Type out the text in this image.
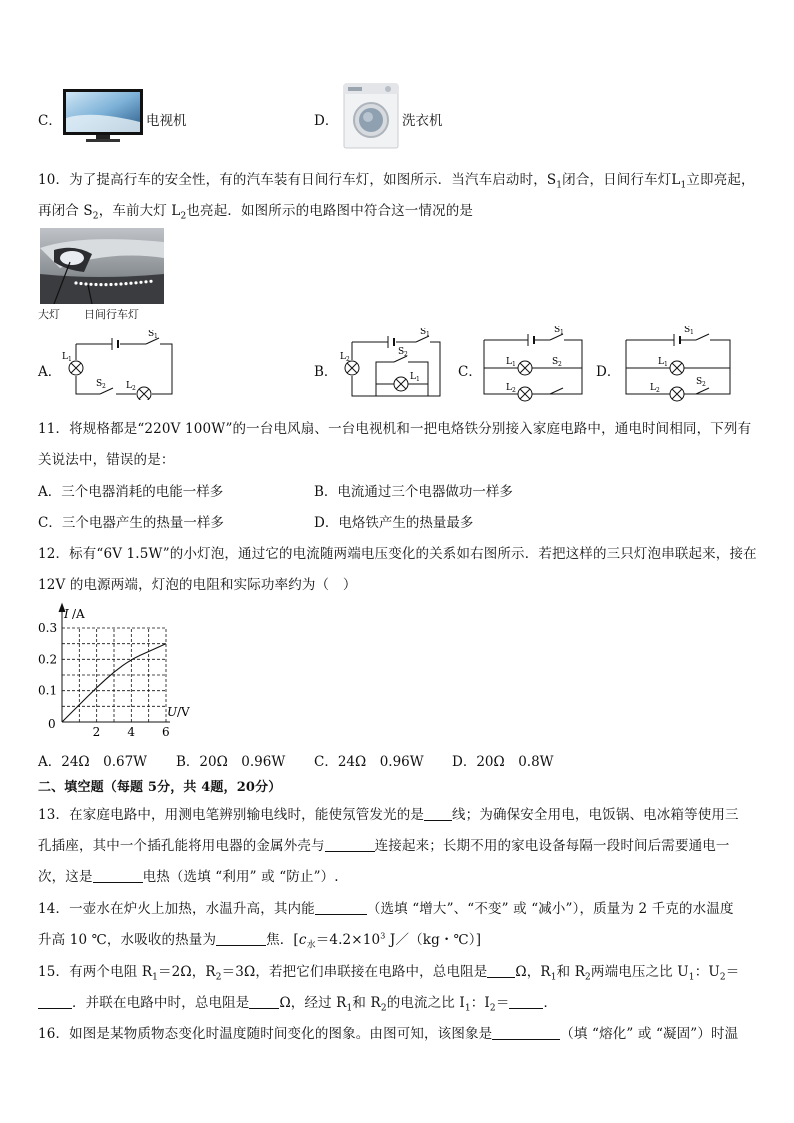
C．	电视机	D．	洗衣机
10．为了提高行车的安全性，有的汽车装有日间行车灯，如图所示．当汽车启动时，$S_1$闭合，日间行车灯$L_1$立即亮起，
再闭合 $S_2$，车前大灯 $L_2$也亮起．如图所示的电路图中符合这一情况的是
大灯 日间行车灯
A．
L 1
S 1
S 2 L 2
B．
L 2
S 1
S 2
L 1	C．
S 1
L 1	S 2
L 2
D．
S 1
L 1
S 2
L 2
11．将规格都是“220V 100W”的一台电风扇、一台电视机和一把电烙铁分别接入家庭电路中，通电时间相同，下列有
关说法中，错误的是：
A．三个电器消耗的电能一样多	B．电流通过三个电器做功一样多
C．三个电器产生的热量一样多	D．电烙铁产生的热量最多
12．标有“6V 1.5W”的小灯泡，通过它的电流随两端电压变化的关系如右图所示．若把这样的三只灯泡串联起来，接在
12V 的电源两端，灯泡的电阻和实际功率约为（　）
2 4 6
0.1
0.2
0.3
I /A
U /V
0
A．24Ω　0.67W B．20Ω　0.96W C．24Ω　0.96W D．20Ω　0.8W
二、填空题（每题 5分，共 4题，20分）
13．在家庭电路中，用测电笔辨别输电线时，能使氖管发光的是 线；为确保安全用电，电饭锅、电冰箱等使用三
孔插座，其中一个插孔能将用电器的金属外壳与	连接起来；长期不用的家电设备每隔一段时间后需要通电一
次，这是	电热（选填 “利用” 或 “防止”）.
14．一壶水在炉火上加热，水温升高，其内能	（选填 “增大”、“不变” 或 “减小”），质量为 2 千克的水温度
升高 10 ℃，水吸收的热量为	焦．[$c_水=4.2\times 10^3$ J／（kg・℃）]
15．有两个电阻 $R_1=2\Omega$，$R_2=3\Omega$，若把它们串联接在电路中，总电阻是 Ω，$R_1$和 $R_2$两端电压之比 $U_1$：$U_2=$
．并联在电路中时，总电阻是 Ω，经过 $R_1$和 $R_2$的电流之比 $I_1$：$I_2=$	．
16．如图是某物质物态变化时温度随时间变化的图象。由图可知，该图象是	（填 “熔化” 或 “凝固”）时温
